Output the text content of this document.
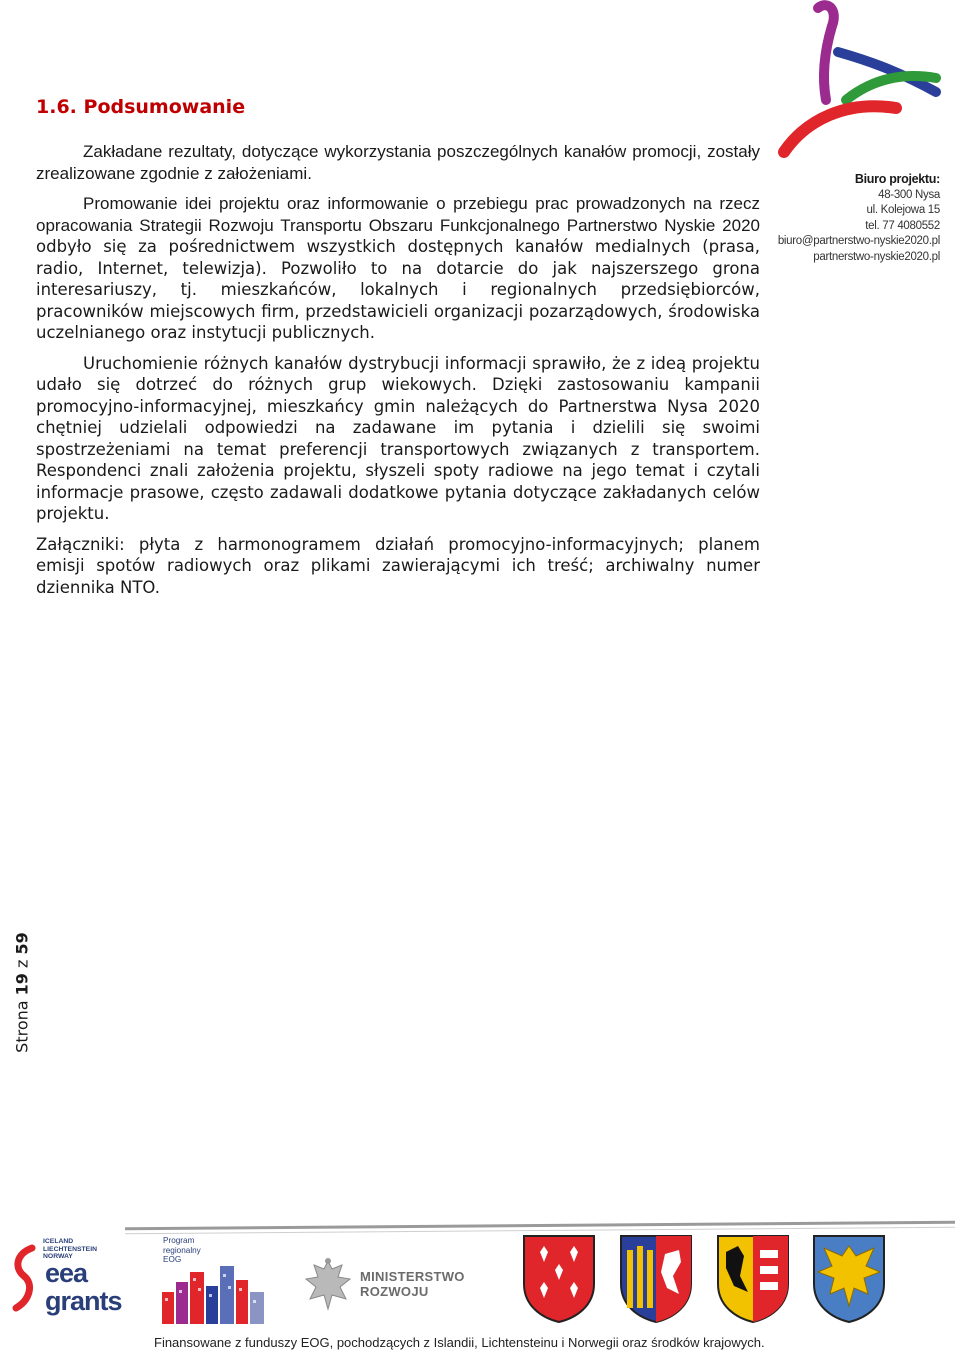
Biuro projektu:
48-300 Nysa
ul. Kolejowa 15
tel. 77 4080552
biuro@partnerstwo-nyskie2020.pl
partnerstwo-nyskie2020.pl
1.6. Podsumowanie

Zakładane rezultaty, dotyczące wykorzystania poszczególnych kanałów promocji, zostały zrealizowane zgodnie z założeniami.

Promowanie idei projektu oraz informowanie o przebiegu prac prowadzonych na rzecz opracowania Strategii Rozwoju Transportu Obszaru Funkcjonalnego Partnerstwo Nyskie 2020 odbyło się za pośrednictwem wszystkich dostępnych kanałów medialnych (prasa, radio, Internet, telewizja). Pozwoliło to na dotarcie do jak najszerszego grona interesariuszy, tj. mieszkańców, lokalnych i regionalnych przedsiębiorców, pracowników miejscowych firm, przedstawicieli organizacji pozarządowych, środowiska uczelnianego oraz instytucji publicznych.

Uruchomienie różnych kanałów dystrybucji informacji sprawiło, że z ideą projektu udało się dotrzeć do różnych grup wiekowych. Dzięki zastosowaniu kampanii promocyjno-informacyjnej, mieszkańcy gmin należących do Partnerstwa Nysa 2020 chętniej udzielali odpowiedzi na zadawane im pytania i dzielili się swoimi spostrzeżeniami na temat preferencji transportowych związanych z transportem. Respondenci znali założenia projektu, słyszeli spoty radiowe na jego temat i czytali informacje prasowe, często zadawali dodatkowe pytania dotyczące zakładanych celów projektu.

Załączniki: płyta z harmonogramem działań promocyjno-informacyjnych; planem emisji spotów radiowych oraz plikami zawierającymi ich treść; archiwalny numer dziennika NTO.

Strona 19 z 59
ICELAND
LIECHTENSTEIN
NORWAY
eea
grants
Program
regionalny
EOG
MINISTERSTWO
ROZWOJU
Finansowane z funduszy EOG, pochodzących z Islandii, Lichtensteinu i Norwegii oraz środków krajowych.
